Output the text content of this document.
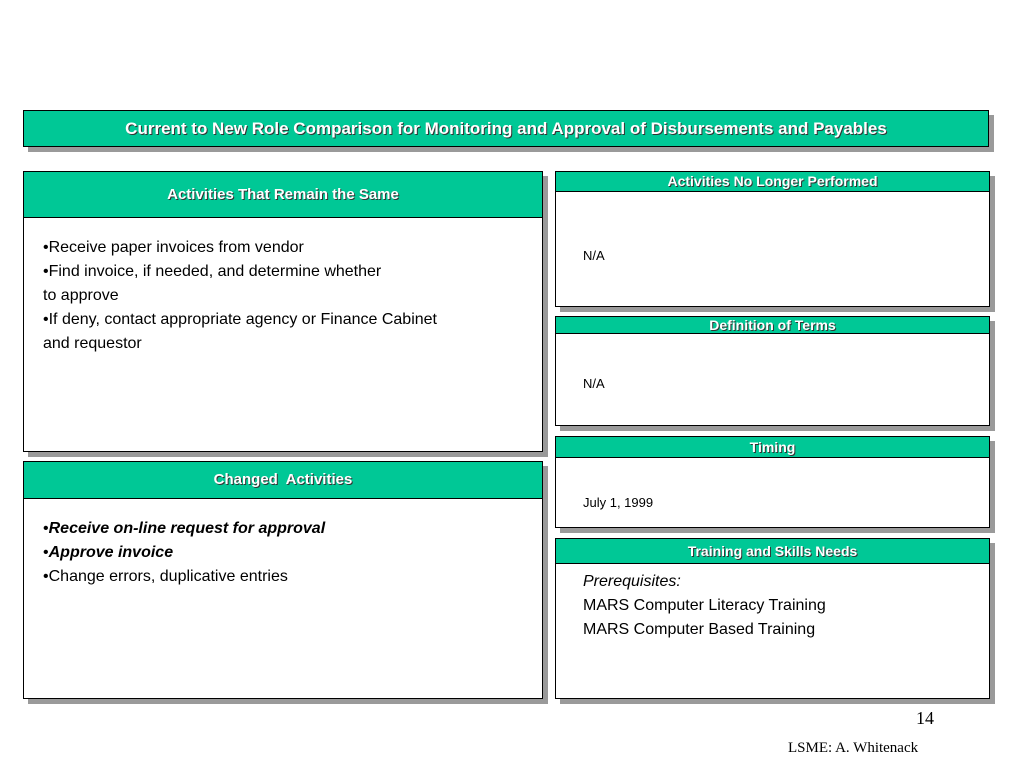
Current to New Role Comparison for Monitoring and Approval of Disbursements and Payables
Activities That Remain the Same
•Receive paper invoices from vendor
•Find invoice, if needed, and determine whether
to approve
•If deny, contact appropriate agency or Finance Cabinet
and requestor
Changed  Activities
•Receive on-line request for approval
•Approve invoice
•Change errors, duplicative entries
Activities No Longer Performed
N/A
Definition of Terms
N/A
Timing
July 1, 1999
Training and Skills Needs
Prerequisites:
MARS Computer Literacy Training
MARS Computer Based Training
14
LSME: A. Whitenack
